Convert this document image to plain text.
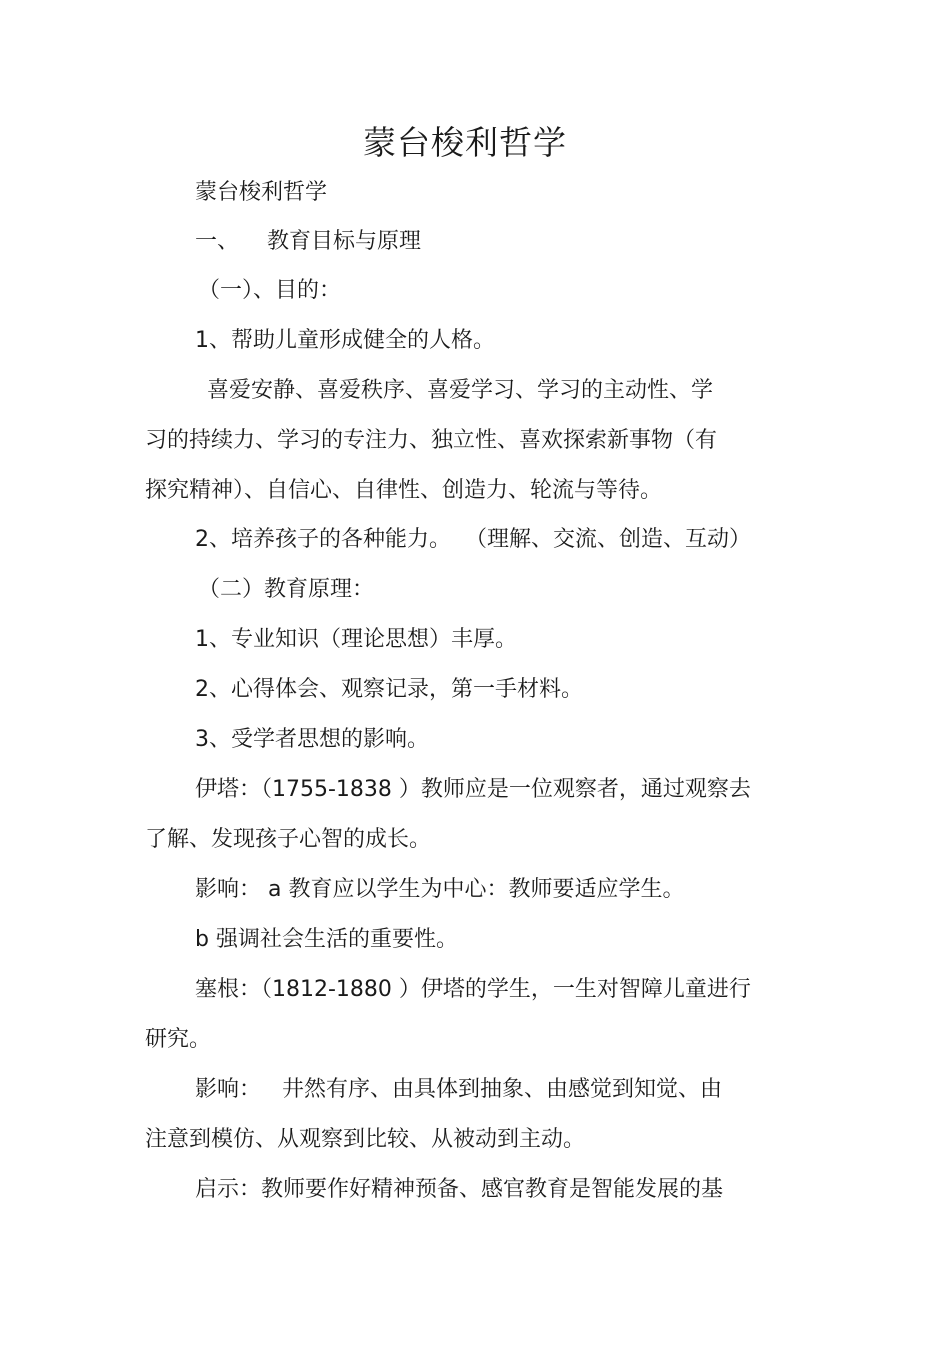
蒙台梭利哲学
蒙台梭利哲学
一、    教育目标与原理
（一）、目的：
1、帮助儿童形成健全的人格。
喜爱安静、喜爱秩序、喜爱学习、学习的主动性、学
习的持续力、学习的专注力、独立性、喜欢探索新事物（有
探究精神）、自信心、自律性、创造力、轮流与等待。
2、培养孩子的各种能力。  （理解、交流、创造、互动）
（二）教育原理：
1、专业知识（理论思想）丰厚。
2、心得体会、观察记录，第一手材料。
3、受学者思想的影响。
伊塔：（1755-1838 ）教师应是一位观察者，通过观察去
了解、发现孩子心智的成长。
影响： a 教育应以学生为中心：教师要适应学生。
b 强调社会生活的重要性。
塞根：（1812-1880 ）伊塔的学生，一生对智障儿童进行
研究。
影响：   井然有序、由具体到抽象、由感觉到知觉、由
注意到模仿、从观察到比较、从被动到主动。
启示：教师要作好精神预备、感官教育是智能发展的基
